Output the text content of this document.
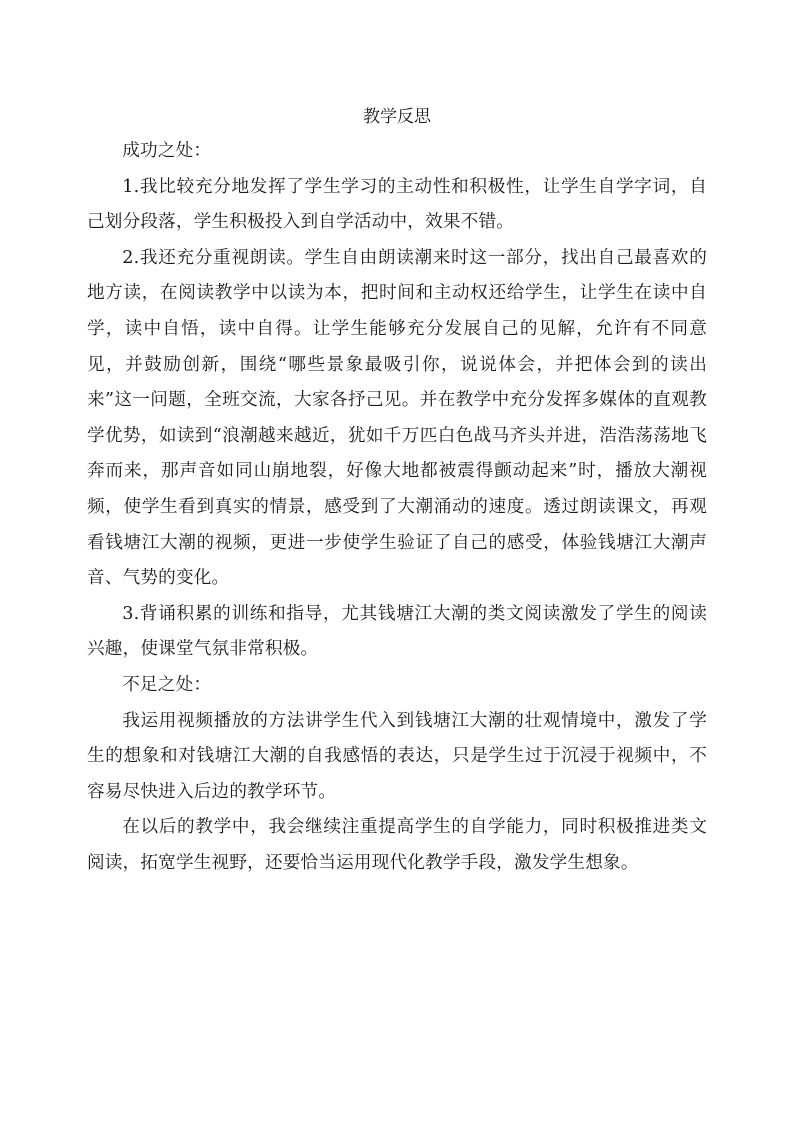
教学反思

成功之处：

1.我比较充分地发挥了学生学习的主动性和积极性，让学生自学字词，自己划分段落，学生积极投入到自学活动中，效果不错。

2.我还充分重视朗读。学生自由朗读潮来时这一部分，找出自己最喜欢的地方读，在阅读教学中以读为本，把时间和主动权还给学生，让学生在读中自学，读中自悟，读中自得。让学生能够充分发展自己的见解，允许有不同意见，并鼓励创新，围绕“哪些景象最吸引你，说说体会，并把体会到的读出来”这一问题，全班交流，大家各抒己见。并在教学中充分发挥多媒体的直观教学优势，如读到“浪潮越来越近，犹如千万匹白色战马齐头并进，浩浩荡荡地飞奔而来，那声音如同山崩地裂，好像大地都被震得颤动起来”时，播放大潮视频，使学生看到真实的情景，感受到了大潮涌动的速度。透过朗读课文，再观看钱塘江大潮的视频，更进一步使学生验证了自己的感受，体验钱塘江大潮声音、气势的变化。

3.背诵积累的训练和指导，尤其钱塘江大潮的类文阅读激发了学生的阅读兴趣，使课堂气氛非常积极。

不足之处：

我运用视频播放的方法讲学生代入到钱塘江大潮的壮观情境中，激发了学生的想象和对钱塘江大潮的自我感悟的表达，只是学生过于沉浸于视频中，不容易尽快进入后边的教学环节。

在以后的教学中，我会继续注重提高学生的自学能力，同时积极推进类文阅读，拓宽学生视野，还要恰当运用现代化教学手段，激发学生想象。
